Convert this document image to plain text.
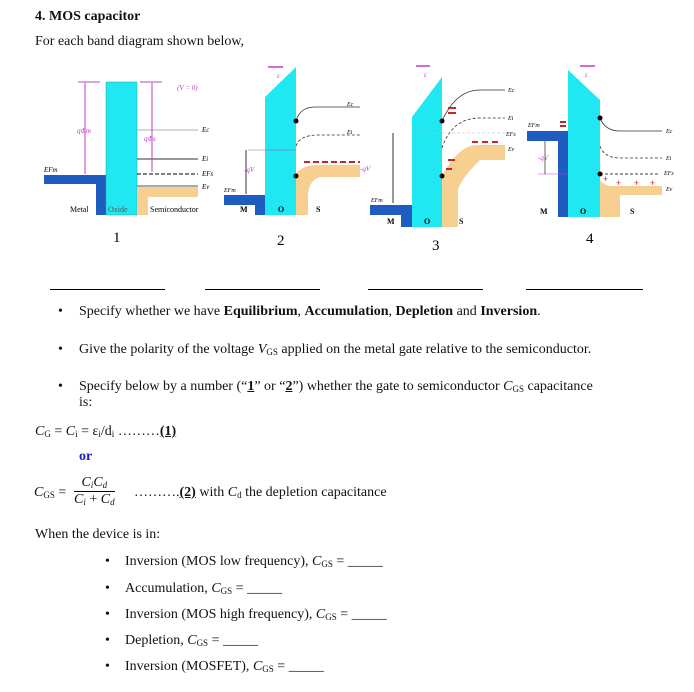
4. MOS capacitor
For each band diagram shown below,
(V = 0)
qΦm
qΦs
EFm
Ec
Ei
EFs
Ev
Metal Oxide	Semiconductor
1
ε
-qV
EFm
Ec
Ei
M	O	S
2
ε
-qV
EFm
Ec
Ei
EFs
Ev
M	O	S
3
ε
+ + + +
-qV
EFm
Ec
Ei
EFs
Ev
M	O	S
4
• Specify whether we have Equilibrium, Accumulation, Depletion and Inversion.
• Give the polarity of the voltage $V_{GS}$ applied on the metal gate relative to the semiconductor.
• Specify below by a number (“1” or “2”) whether the gate to semiconductor $C_{GS}$ capacitance
is:
$C_G = C_i = \varepsilon_i/d_i$ ………(1)
or
$C_{GS}$ =
$C_iC_d$
$C_i + C_d$
……….(2) with $C_d$ the depletion capacitance
When the device is in:
• Inversion (MOS low frequency), $C_{GS}$ = _____
• Accumulation, $C_{GS}$ = _____
• Inversion (MOS high frequency), $C_{GS}$ = _____
• Depletion, $C_{GS}$ = _____
• Inversion (MOSFET), $C_{GS}$ = _____
